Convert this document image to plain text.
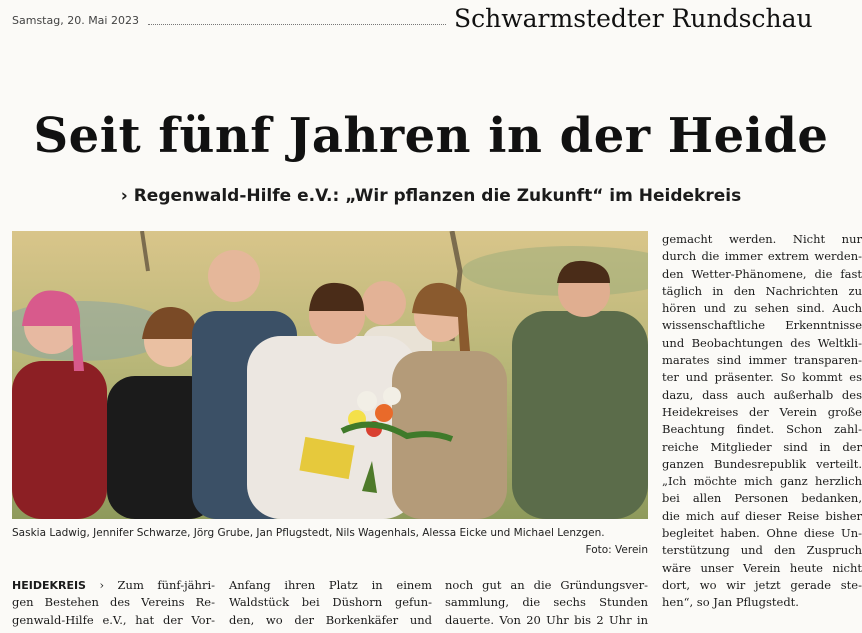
Samstag, 20. Mai 2023	Schwarmstedter Rundschau
Seit fünf Jahren in der Heide
› Regenwald-Hilfe e.V.: „Wir pflanzen die Zukunft“ im Heidekreis
Saskia Ladwig, Jennifer Schwarze, Jörg Grube, Jan Pflugstedt, Nils Wagenhals, Alessa Eicke und Michael Lenzgen.
Foto: Verein
HEIDEKREIS › Zum fünf-jähri-
gen Bestehen des Vereins Re-
genwald-Hilfe e.V., hat der Vor-
Anfang ihren Platz in einem
Waldstück bei Düshorn gefun-
den, wo der Borkenkäfer und
noch gut an die Gründungsver-
sammlung, die sechs Stunden
dauerte. Von 20 Uhr bis 2 Uhr in
gemacht werden. Nicht nur
durch die immer extrem werden-
den Wetter-Phänomene, die fast
täglich in den Nachrichten zu
hören und zu sehen sind. Auch
wissenschaftliche Erkenntnisse
und Beobachtungen des Weltkli-
marates sind immer transparen-
ter und präsenter. So kommt es
dazu, dass auch außerhalb des
Heidekreises der Verein große
Beachtung findet. Schon zahl-
reiche Mitglieder sind in der
ganzen Bundesrepublik verteilt.
„Ich möchte mich ganz herzlich
bei allen Personen bedanken,
die mich auf dieser Reise bisher
begleitet haben. Ohne diese Un-
terstützung und den Zuspruch
wäre unser Verein heute nicht
dort, wo wir jetzt gerade ste-
hen“, so Jan Pflugstedt.
